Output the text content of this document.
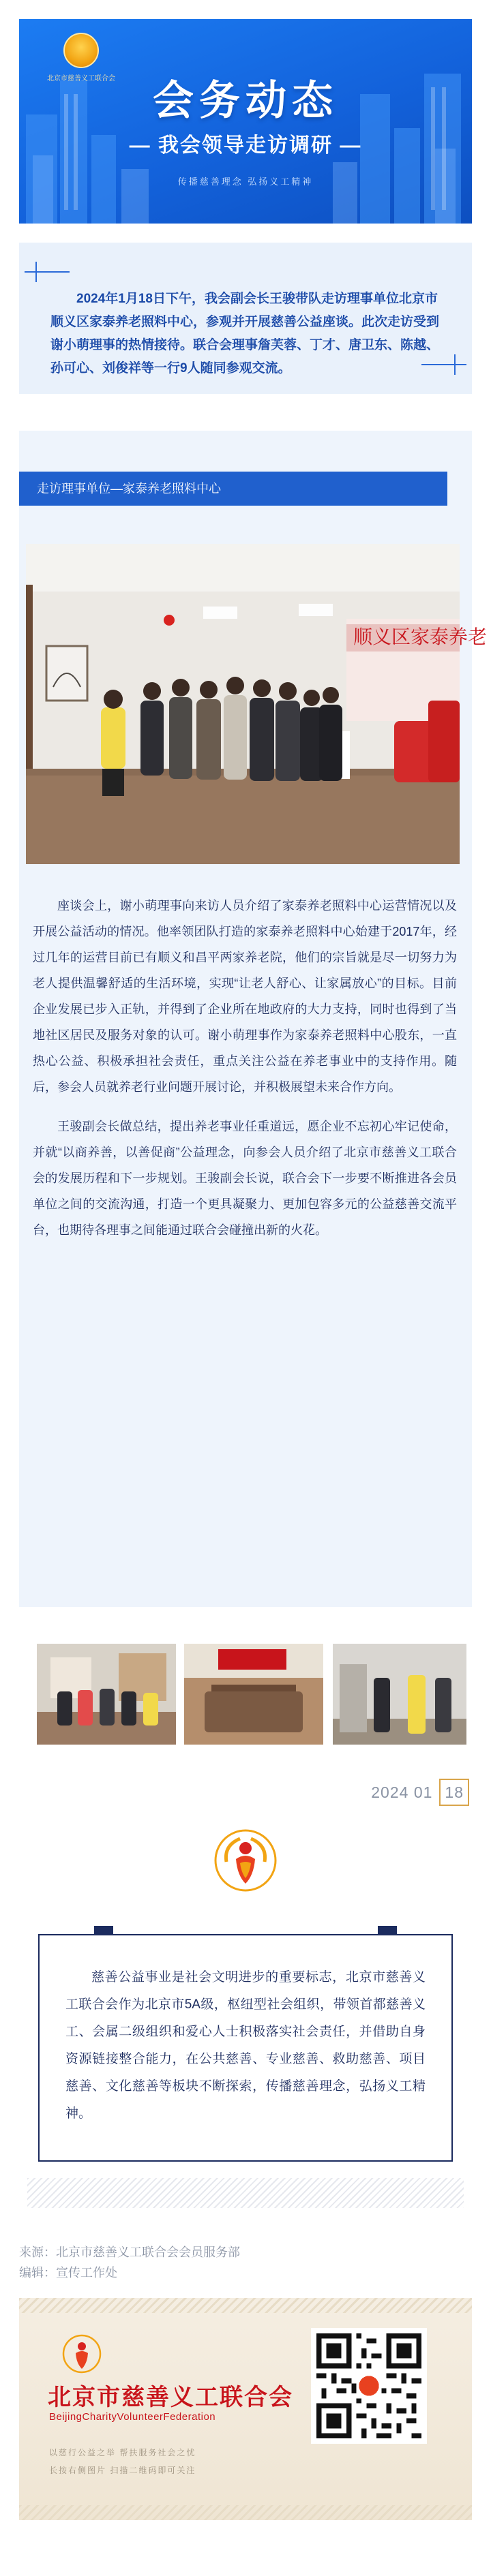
北京市慈善义工联合会 会务动态
— 我会领导走访调研 —
传播慈善理念 弘扬义工精神

2024年1月18日下午，我会副会长王骏带队走访理事单位北京市顺义区家泰养老照料中心，参观并开展慈善公益座谈。此次走访受到谢小萌理事的热情接待。联合会理事詹芙蓉、丁才、唐卫东、陈越、孙可心、刘俊祥等一行9人随同参观交流。

走访理事单位—家泰养老照料中心
顺义区家泰养老

座谈会上，谢小萌理事向来访人员介绍了家泰养老照料中心运营情况以及开展公益活动的情况。他率领团队打造的家泰养老照料中心始建于2017年，经过几年的运营目前已有顺义和昌平两家养老院，他们的宗旨就是尽一切努力为老人提供温馨舒适的生活环境，实现“让老人舒心、让家属放心”的目标。目前企业发展已步入正轨，并得到了企业所在地政府的大力支持，同时也得到了当地社区居民及服务对象的认可。谢小萌理事作为家泰养老照料中心股东，一直热心公益、积极承担社会责任，重点关注公益在养老事业中的支持作用。随后，参会人员就养老行业问题开展讨论，并积极展望未来合作方向。

王骏副会长做总结，提出养老事业任重道远，愿企业不忘初心牢记使命，并就“以商养善，以善促商”公益理念，向参会人员介绍了北京市慈善义工联合会的发展历程和下一步规划。王骏副会长说，联合会下一步要不断推进各会员单位之间的交流沟通，打造一个更具凝聚力、更加包容多元的公益慈善交流平台，也期待各理事之间能通过联合会碰撞出新的火花。

2024 01 18

慈善公益事业是社会文明进步的重要标志，北京市慈善义工联合会作为北京市5A级，枢纽型社会组织，带领首都慈善义工、会属二级组织和爱心人士积极落实社会责任，并借助自身资源链接整合能力，在公共慈善、专业慈善、救助慈善、项目慈善、文化慈善等板块不断探索，传播慈善理念，弘扬义工精神。

来源：北京市慈善义工联合会会员服务部
编辑：宣传工作处
北京市慈善义工联合会
BeijingCharityVolunteerFederation
以慈行公益之举 帮扶服务社会之忧
长按右侧图片 扫描二维码即可关注
